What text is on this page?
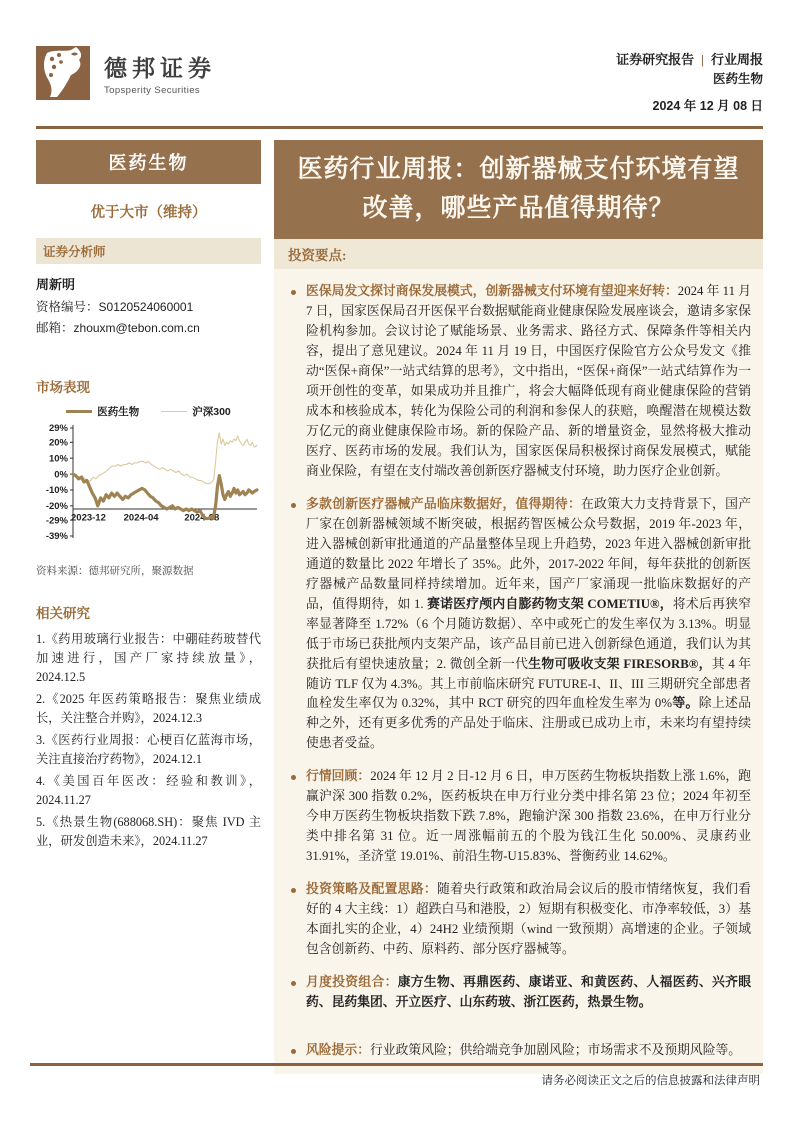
德邦证券
Topsperity Securities
证券研究报告 | 行业周报
医药生物
2024 年 12 月 08 日
医药生物
优于大市（维持）
证券分析师
周新明
资格编号：S0120524060001
邮箱：zhouxm@tebon.com.cn
市场表现
医药生物	沪深300
29%
20%
10%
0%
-10%
-20%
-29%
-39%
2023-12 2024-04	2024-08
资料来源：德邦研究所，聚源数据
相关研究
1.《药用玻璃行业报告：中硼硅药玻替代加速进行，国产厂家持续放量》，2024.12.5
2.《2025 年医药策略报告：聚焦业绩成长，关注整合并购》，2024.12.3
3.《医药行业周报：心梗百亿蓝海市场，关注直接治疗药物》，2024.12.1
4.《美国百年医改：经验和教训》，2024.11.27
5.《热景生物(688068.SH)：聚焦 IVD 主业，研发创造未来》，2024.11.27
医药行业周报：创新器械支付环境有望改善，哪些产品值得期待？
投资要点:
医保局发文探讨商保发展模式，创新器械支付环境有望迎来好转：2024 年 11 月 7 日，国家医保局召开医保平台数据赋能商业健康保险发展座谈会，邀请多家保险机构参加。会议讨论了赋能场景、业务需求、路径方式、保障条件等相关内容，提出了意见建议。2024 年 11 月 19 日，中国医疗保险官方公众号发文《推动“医保+商保”一站式结算的思考》，文中指出，“医保+商保”一站式结算作为一项开创性的变革，如果成功并且推广，将会大幅降低现有商业健康保险的营销成本和核验成本，转化为保险公司的利润和参保人的获赔，唤醒潜在规模达数万亿元的商业健康保险市场。新的保险产品、新的增量资金，显然将极大推动医疗、医药市场的发展。我们认为，国家医保局积极探讨商保发展模式，赋能商业保险，有望在支付端改善创新医疗器械支付环境，助力医疗企业创新。
多款创新医疗器械产品临床数据好，值得期待：在政策大力支持背景下，国产厂家在创新器械领域不断突破，根据药智医械公众号数据，2019 年-2023 年，进入器械创新审批通道的产品量整体呈现上升趋势，2023 年进入器械创新审批通道的数量比 2022 年增长了 35%。此外，2017-2022 年间，每年获批的创新医疗器械产品数量同样持续增加。近年来，国产厂家涌现一批临床数据好的产品，值得期待，如 1. 赛诺医疗颅内自膨药物支架 COMETIU®，将术后再狭窄率显著降至 1.72%（6 个月随访数据）、卒中或死亡的发生率仅为 3.13%。明显低于市场已获批颅内支架产品，该产品目前已进入创新绿色通道，我们认为其获批后有望快速放量；2. 微创全新一代生物可吸收支架 FIRESORB®，其 4 年随访 TLF 仅为 4.3%。其上市前临床研究 FUTURE-I、II、III 三期研究全部患者血栓发生率仅为 0.32%，其中 RCT 研究的四年血栓发生率为 0%等。除上述品种之外，还有更多优秀的产品处于临床、注册或已成功上市，未来均有望持续使患者受益。
行情回顾：2024 年 12 月 2 日-12 月 6 日，申万医药生物板块指数上涨 1.6%，跑赢沪深 300 指数 0.2%，医药板块在申万行业分类中排名第 23 位；2024 年初至今申万医药生物板块指数下跌 7.8%，跑输沪深 300 指数 23.6%，在申万行业分类中排名第 31 位。近一周涨幅前五的个股为钱江生化 50.00%、灵康药业 31.91%，圣济堂 19.01%、前沿生物-U15.83%、誉衡药业 14.62%。
投资策略及配置思路：随着央行政策和政治局会议后的股市情绪恢复，我们看好的 4 大主线：1）超跌白马和港股，2）短期有积极变化、市净率较低，3）基本面扎实的企业，4）24H2 业绩预期（wind 一致预期）高增速的企业。子领域包含创新药、中药、原料药、部分医疗器械等。
月度投资组合：康方生物、再鼎医药、康诺亚、和黄医药、人福医药、兴齐眼药、昆药集团、开立医疗、山东药玻、浙江医药，热景生物。
风险提示：行业政策风险；供给端竞争加剧风险；市场需求不及预期风险等。
请务必阅读正文之后的信息披露和法律声明
